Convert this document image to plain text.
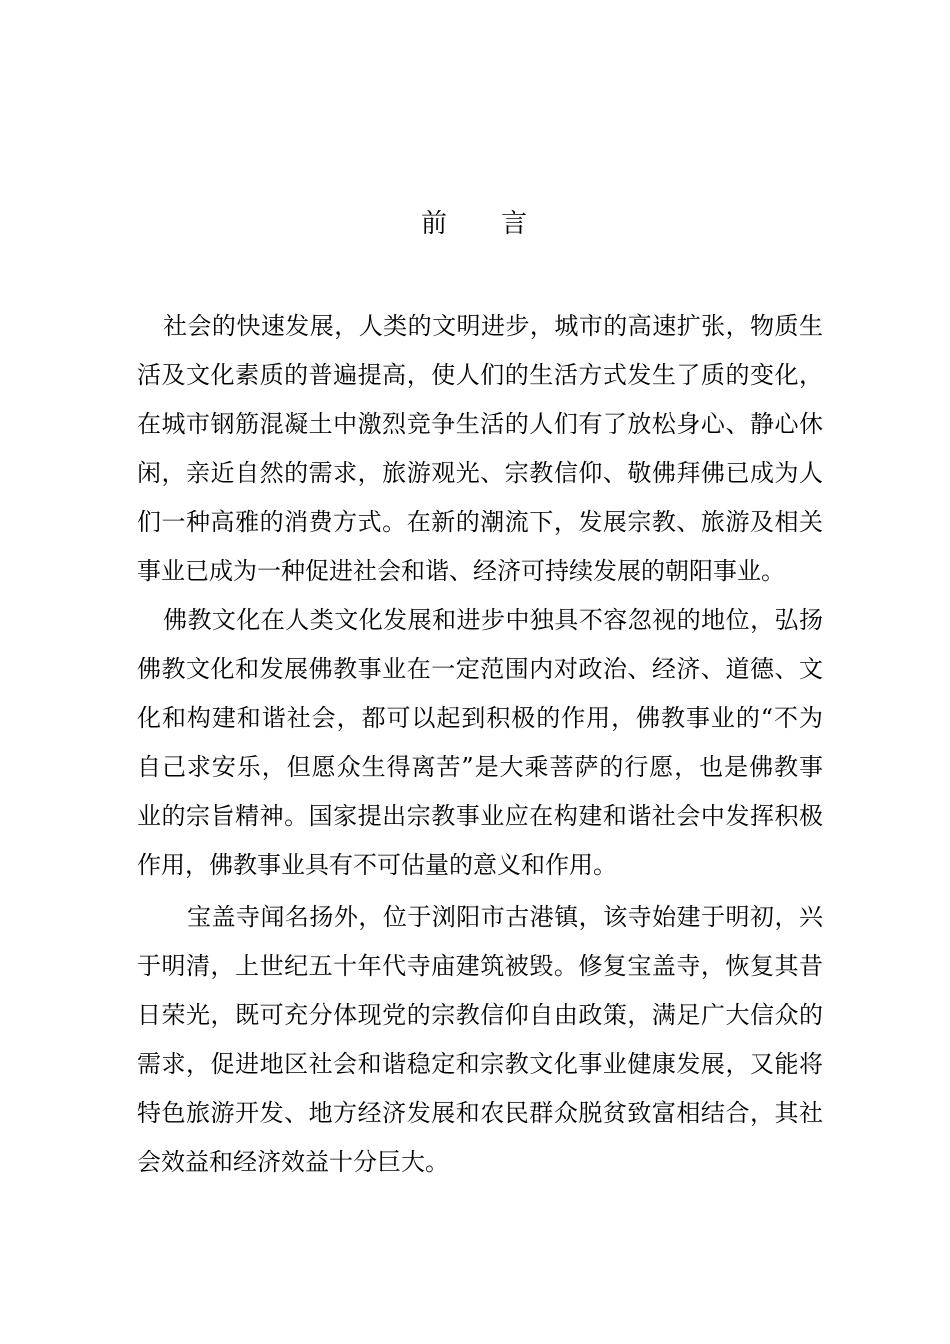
前 言
社会的快速发展，人类的文明进步，城市的高速扩张，物质生
活及文化素质的普遍提高，使人们的生活方式发生了质的变化，
在城市钢筋混凝土中激烈竞争生活的人们有了放松身心、静心休
闲，亲近自然的需求，旅游观光、宗教信仰、敬佛拜佛已成为人
们一种高雅的消费方式。在新的潮流下，发展宗教、旅游及相关
事业已成为一种促进社会和谐、经济可持续发展的朝阳事业。
佛教文化在人类文化发展和进步中独具不容忽视的地位，弘扬
佛教文化和发展佛教事业在一定范围内对政治、经济、道德、文
化和构建和谐社会，都可以起到积极的作用，佛教事业的“不为
自己求安乐，但愿众生得离苦”是大乘菩萨的行愿，也是佛教事
业的宗旨精神。国家提出宗教事业应在构建和谐社会中发挥积极
作用，佛教事业具有不可估量的意义和作用。
宝盖寺闻名扬外，位于浏阳市古港镇，该寺始建于明初，兴
于明清，上世纪五十年代寺庙建筑被毁。修复宝盖寺，恢复其昔
日荣光，既可充分体现党的宗教信仰自由政策，满足广大信众的
需求，促进地区社会和谐稳定和宗教文化事业健康发展，又能将
特色旅游开发、地方经济发展和农民群众脱贫致富相结合，其社
会效益和经济效益十分巨大。
